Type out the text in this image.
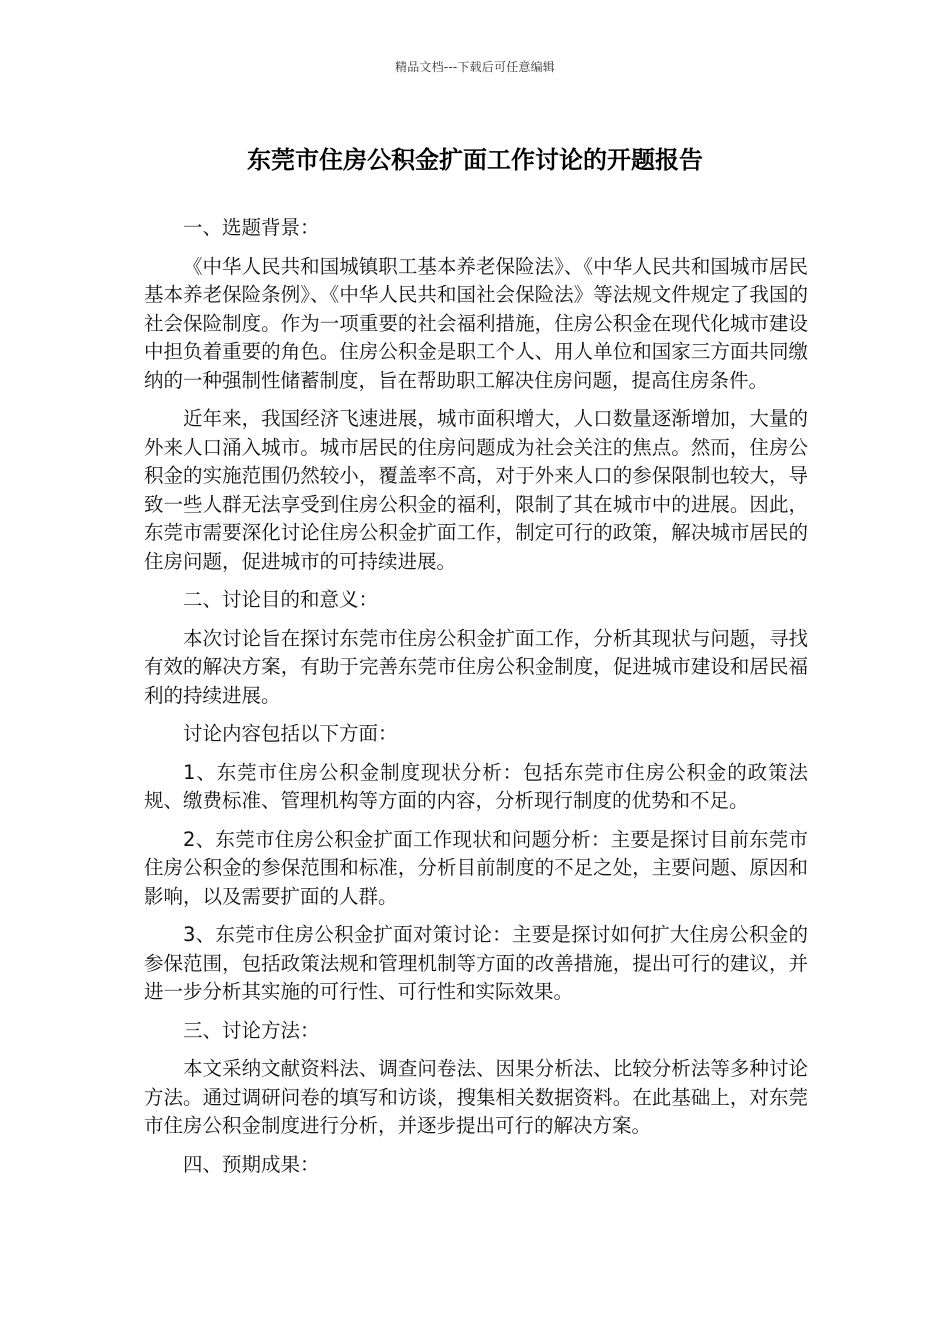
精品文档---下载后可任意编辑
东莞市住房公积金扩面工作讨论的开题报告

一、选题背景：

《中华人民共和国城镇职工基本养老保险法》、《中华人民共和国城市居民基本养老保险条例》、《中华人民共和国社会保险法》等法规文件规定了我国的社会保险制度。作为一项重要的社会福利措施，住房公积金在现代化城市建设中担负着重要的角色。住房公积金是职工个人、用人单位和国家三方面共同缴纳的一种强制性储蓄制度，旨在帮助职工解决住房问题，提高住房条件。

近年来，我国经济飞速进展，城市面积增大，人口数量逐渐增加，大量的外来人口涌入城市。城市居民的住房问题成为社会关注的焦点。然而，住房公积金的实施范围仍然较小，覆盖率不高，对于外来人口的参保限制也较大，导致一些人群无法享受到住房公积金的福利，限制了其在城市中的进展。因此，东莞市需要深化讨论住房公积金扩面工作，制定可行的政策，解决城市居民的住房问题，促进城市的可持续进展。

二、讨论目的和意义：

本次讨论旨在探讨东莞市住房公积金扩面工作，分析其现状与问题，寻找有效的解决方案，有助于完善东莞市住房公积金制度，促进城市建设和居民福利的持续进展。

讨论内容包括以下方面：

1、东莞市住房公积金制度现状分析：包括东莞市住房公积金的政策法规、缴费标准、管理机构等方面的内容，分析现行制度的优势和不足。

2、东莞市住房公积金扩面工作现状和问题分析：主要是探讨目前东莞市住房公积金的参保范围和标准，分析目前制度的不足之处，主要问题、原因和影响，以及需要扩面的人群。

3、东莞市住房公积金扩面对策讨论：主要是探讨如何扩大住房公积金的参保范围，包括政策法规和管理机制等方面的改善措施，提出可行的建议，并进一步分析其实施的可行性、可行性和实际效果。

三、讨论方法：

本文采纳文献资料法、调查问卷法、因果分析法、比较分析法等多种讨论方法。通过调研问卷的填写和访谈，搜集相关数据资料。在此基础上，对东莞市住房公积金制度进行分析，并逐步提出可行的解决方案。

四、预期成果：
